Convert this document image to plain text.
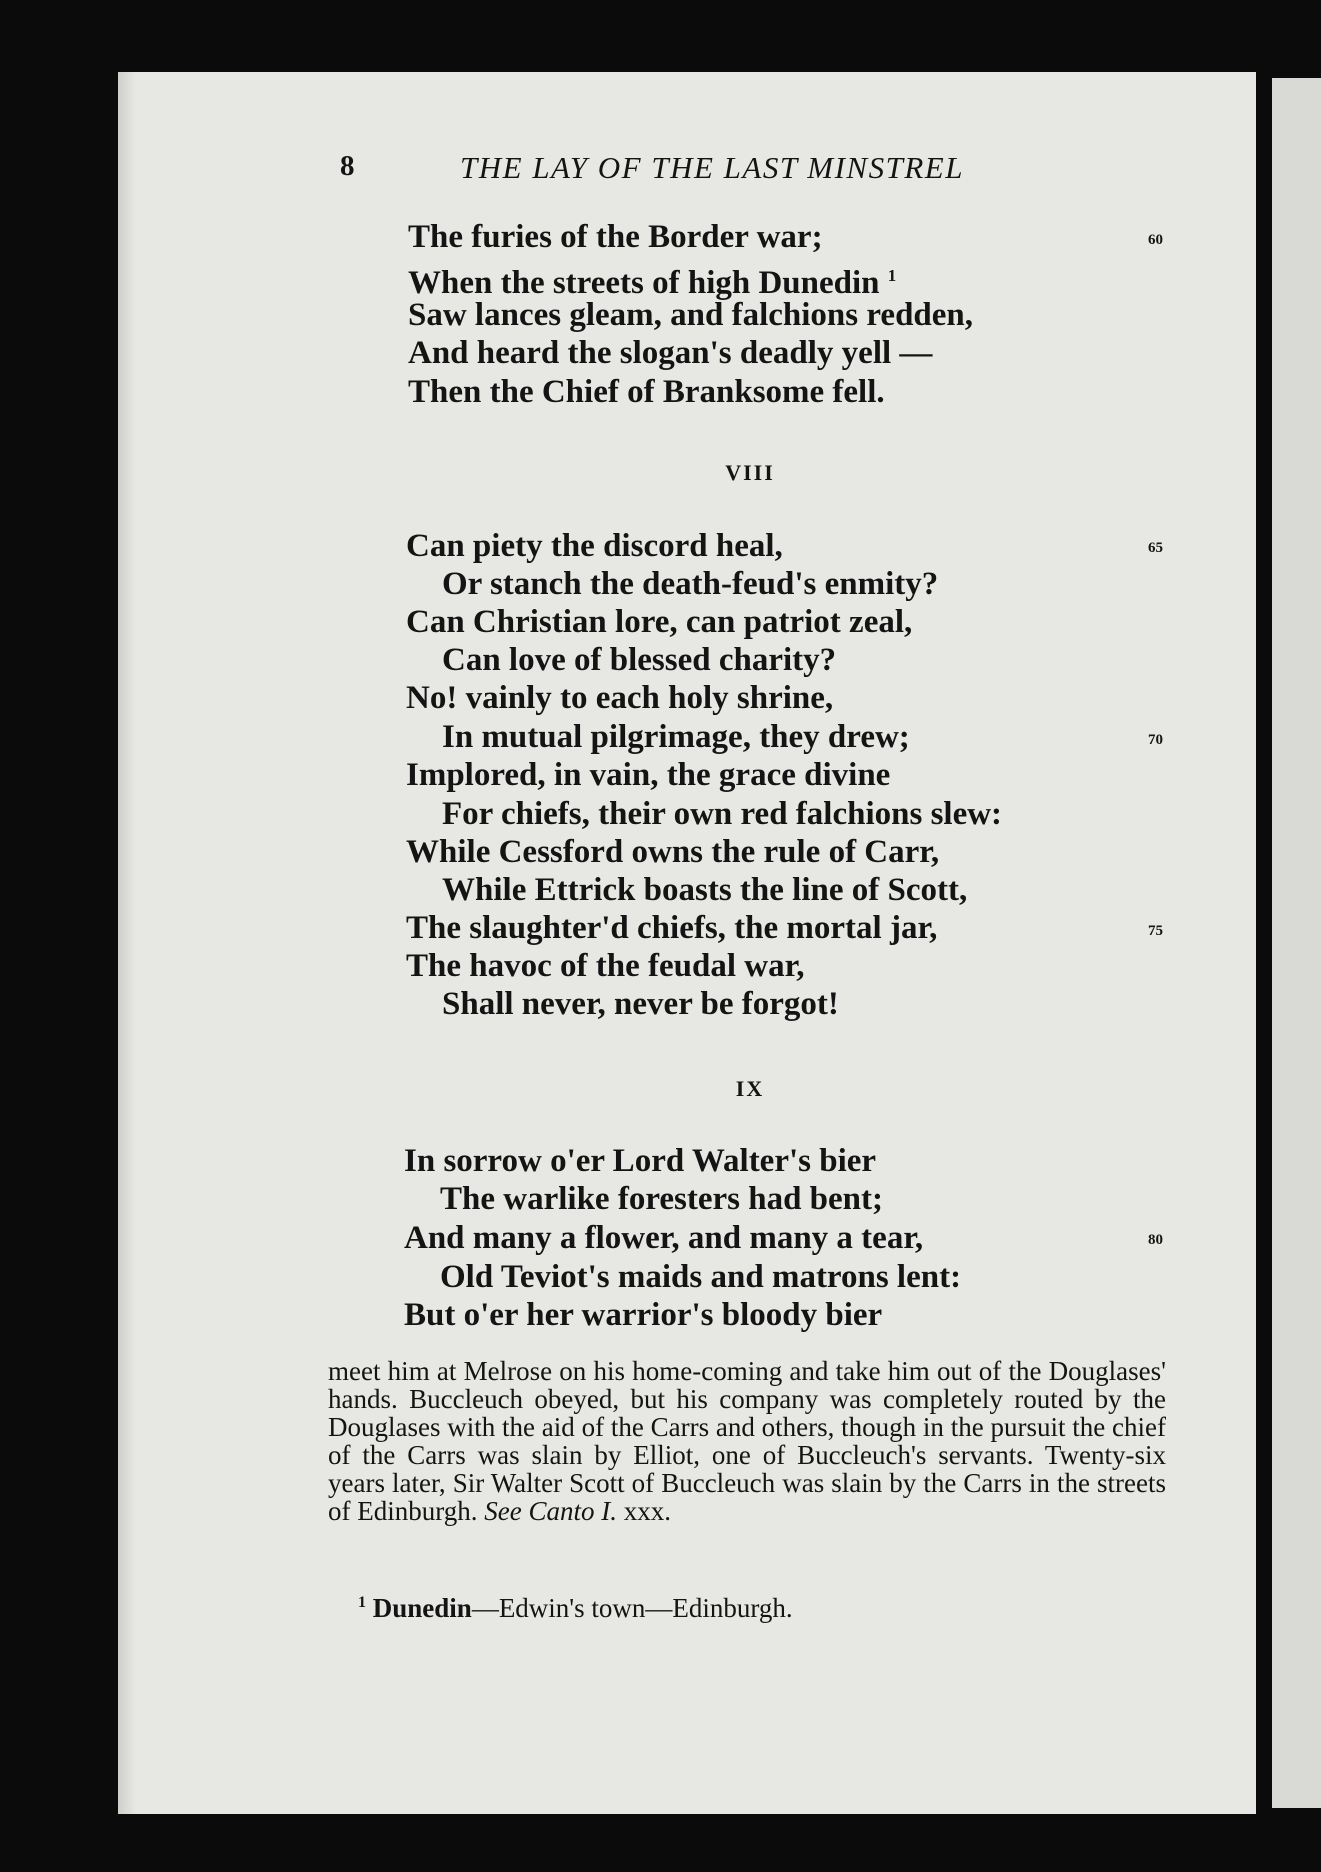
8	THE LAY OF THE LAST MINSTREL
The furies of the Border war;
When the streets of high Dunedin $^1$
Saw lances gleam, and falchions redden,
And heard the slogan's deadly yell —
Then the Chief of Branksome fell.
60
VIII
Can piety the discord heal,
Or stanch the death-feud's enmity?
Can Christian lore, can patriot zeal,
Can love of blessed charity?
No! vainly to each holy shrine,
In mutual pilgrimage, they drew;
Implored, in vain, the grace divine
For chiefs, their own red falchions slew:
While Cessford owns the rule of Carr,
While Ettrick boasts the line of Scott,
The slaughter'd chiefs, the mortal jar,
The havoc of the feudal war,
Shall never, never be forgot!
65
70
75
IX
In sorrow o'er Lord Walter's bier
The warlike foresters had bent;
And many a flower, and many a tear,
Old Teviot's maids and matrons lent:
But o'er her warrior's bloody bier
80
meet him at Melrose on his home-coming and take him out of the Douglases' hands. Buccleuch obeyed, but his company was completely routed by the Douglases with the aid of the Carrs and others, though in the pursuit the chief of the Carrs was slain by Elliot, one of Buccleuch's servants. Twenty-six years later, Sir Walter Scott of Buccleuch was slain by the Carrs in the streets of Edinburgh. See Canto I. xxx.
$^1$ Dunedin—Edwin's town—Edinburgh.
